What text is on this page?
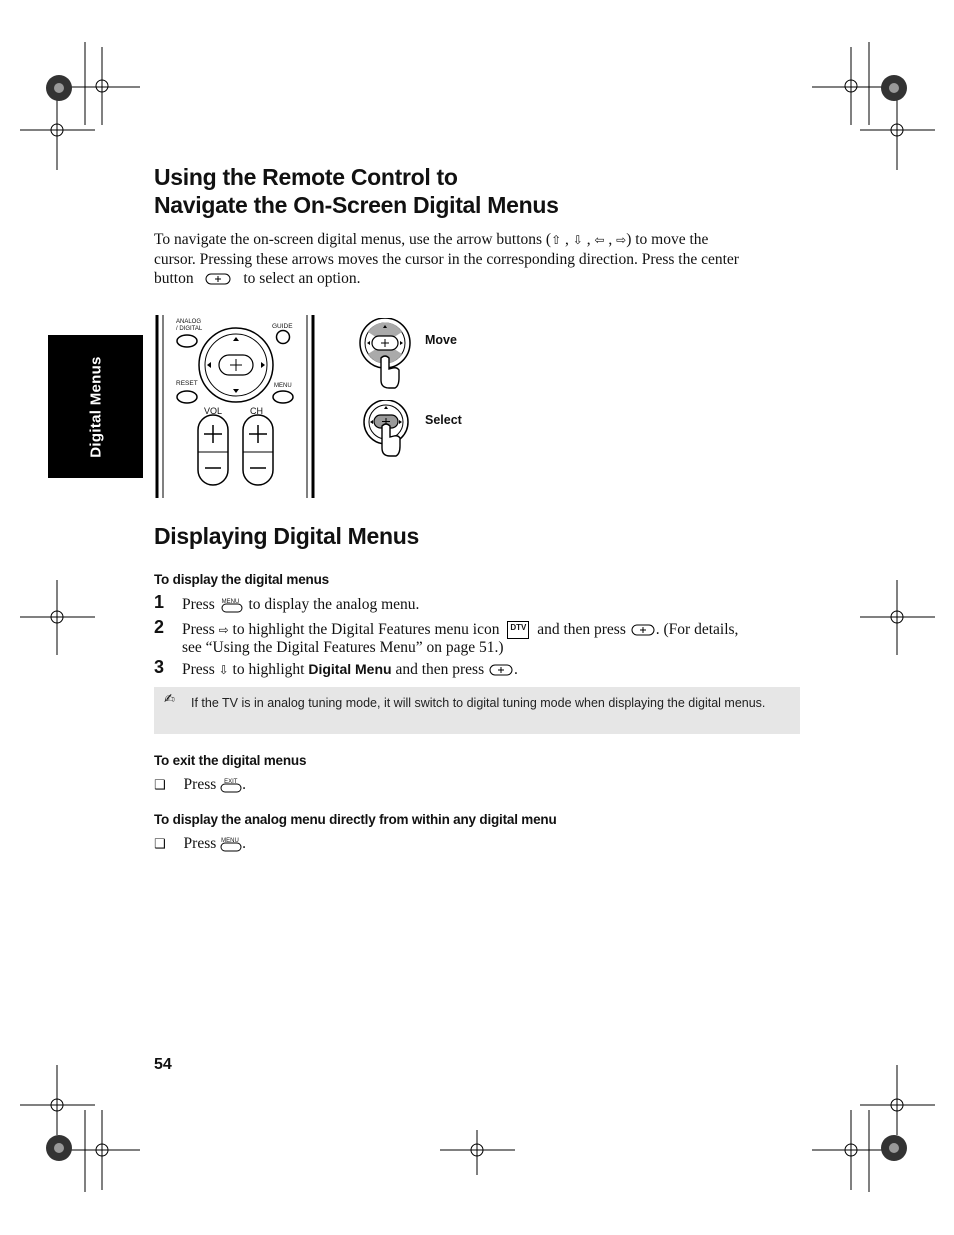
Using the Remote Control to
Navigate the On-Screen Digital Menus
To navigate the on-screen digital menus, use the arrow buttons (⇧ , ⇩ , ⇦ , ⇨) to move the
cursor. Pressing these arrows moves the cursor in the corresponding direction. Press the center
button	to select an option.
Digital Menus
ANALOG
/ DIGITAL	GUIDE
RESET	MENU
VOL	CH
Move
Select
Displaying Digital Menus
To display the digital menus
1 Press MENU to display the analog menu.
2 Press ⇨ to highlight the Digital Features menu icon DTV and then press . (For details,
see “Using the Digital Features Menu” on page 51.)
3 Press ⇩ to highlight Digital Menu and then press .
✍ If the TV is in analog tuning mode, it will switch to digital tuning mode when displaying the digital menus.
To exit the digital menus
❑ Press EXIT .
To display the analog menu directly from within any digital menu
❑ Press MENU .
54
